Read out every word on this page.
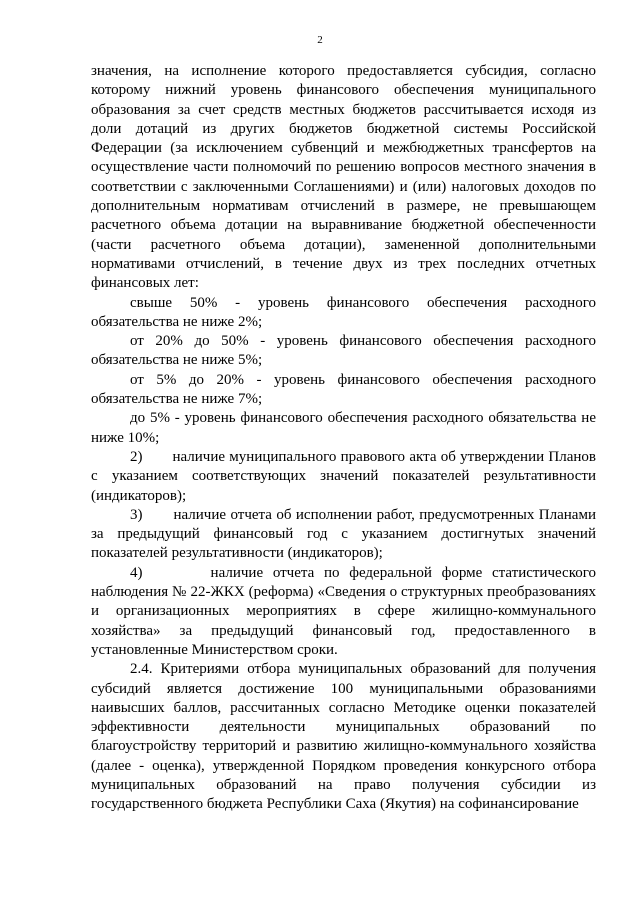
2

значения, на исполнение которого предоставляется субсидия, согласно которому нижний уровень финансового обеспечения муниципального образования за счет средств местных бюджетов рассчитывается исходя из доли дотаций из других бюджетов бюджетной системы Российской Федерации (за исключением субвенций и межбюджетных трансфертов на осуществление части полномочий по решению вопросов местного значения в соответствии с заключенными Соглашениями) и (или) налоговых доходов по дополнительным нормативам отчислений в размере, не превышающем расчетного объема дотации на выравнивание бюджетной обеспеченности (части расчетного объема дотации), замененной дополнительными нормативами отчислений, в течение двух из трех последних отчетных финансовых лет:

свыше 50% - уровень финансового обеспечения расходного обязательства не ниже 2%;

от 20% до 50% - уровень финансового обеспечения расходного обязательства не ниже 5%;

от 5% до 20% - уровень финансового обеспечения расходного обязательства не ниже 7%;

до 5% - уровень финансового обеспечения расходного обязательства не ниже 10%;

2)       наличие муниципального правового акта об утверждении Планов с указанием соответствующих значений показателей результативности (индикаторов);

3)       наличие отчета об исполнении работ, предусмотренных Планами за предыдущий финансовый год с указанием достигнутых значений показателей результативности (индикаторов);

4)       наличие отчета по федеральной форме статистического наблюдения № 22-ЖКХ (реформа) «Сведения о структурных преобразованиях и организационных мероприятиях в сфере жилищно-коммунального хозяйства» за предыдущий финансовый год, предоставленного в установленные Министерством сроки.

2.4. Критериями отбора муниципальных образований для получения субсидий является достижение 100 муниципальными образованиями наивысших баллов, рассчитанных согласно Методике оценки показателей эффективности деятельности муниципальных образований по благоустройству территорий и развитию жилищно-коммунального хозяйства (далее - оценка), утвержденной Порядком проведения конкурсного отбора муниципальных образований на право получения субсидии из государственного бюджета Республики Саха (Якутия) на софинансирование
